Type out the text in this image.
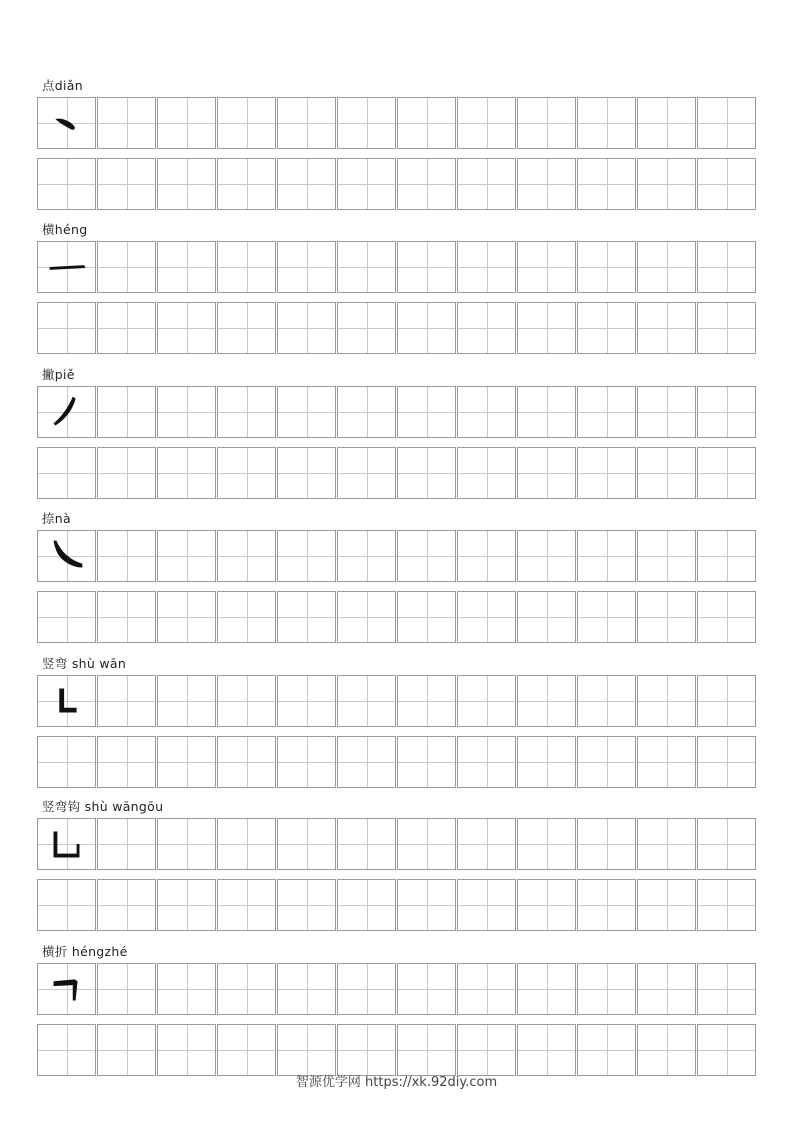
点diǎn
横héng
撇piě
捺nà
竖弯 shù wān
竖弯钩 shù wāngōu
横折 héngzhé
智源优学网 https://xk.92diy.com
